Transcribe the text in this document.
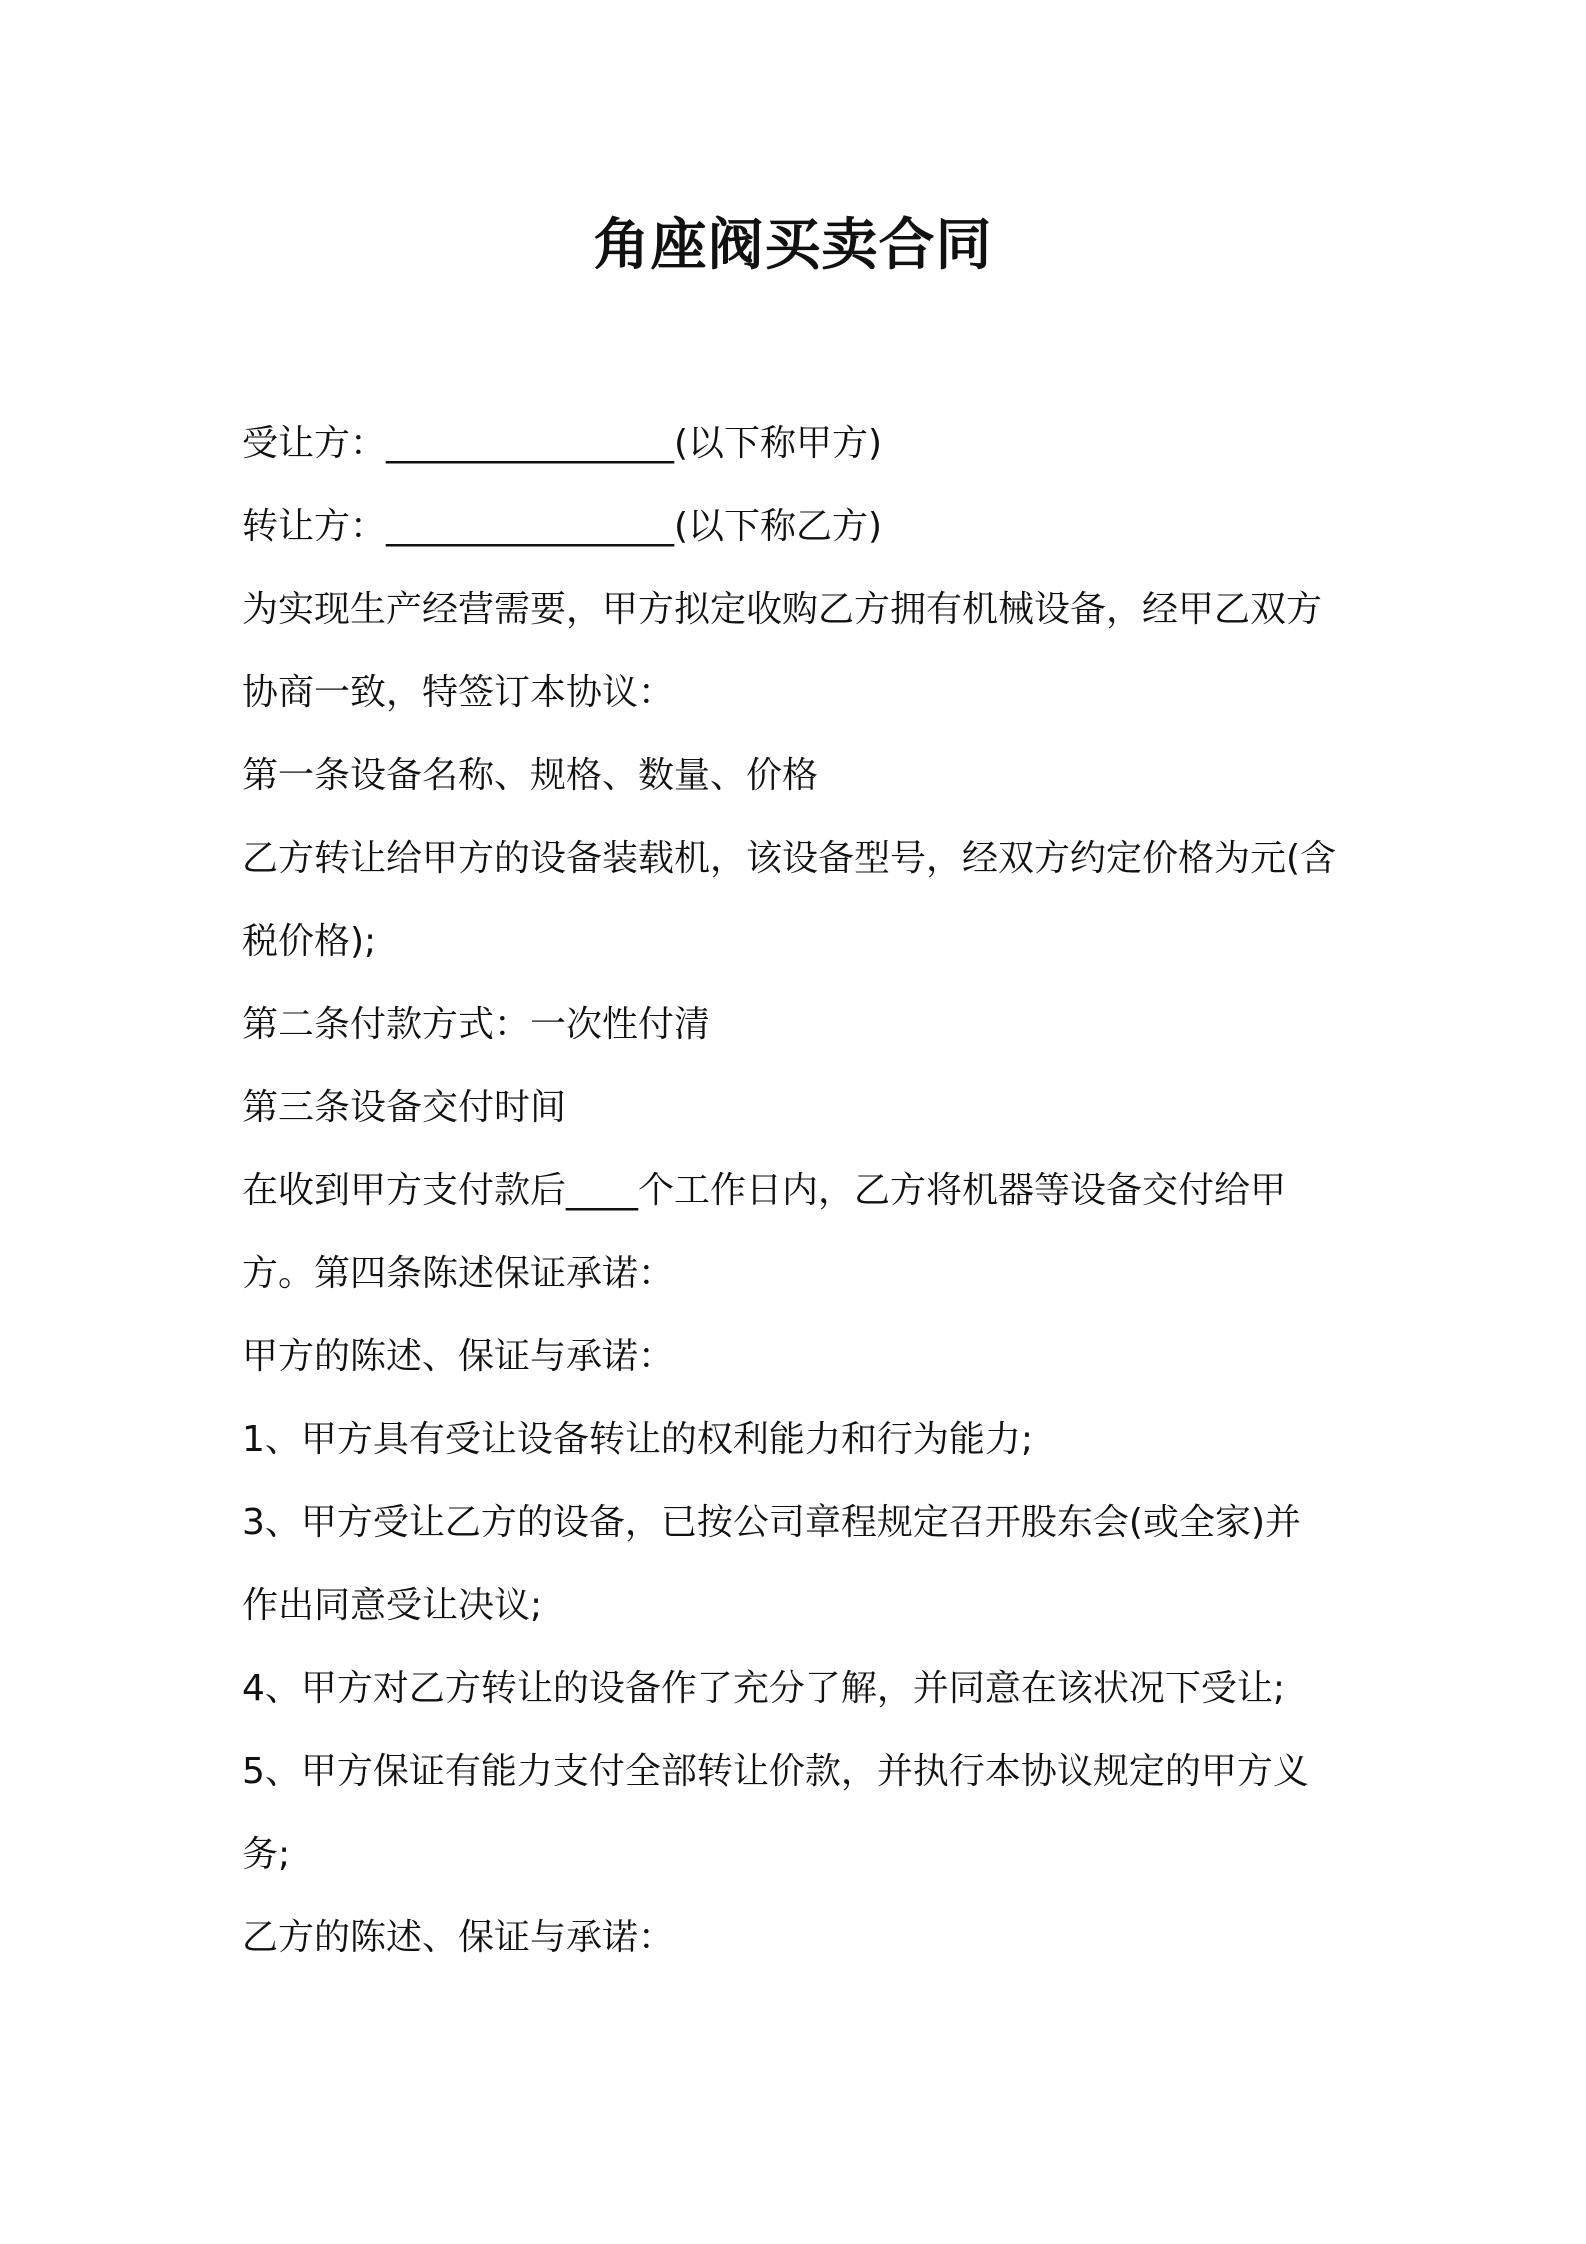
角座阀买卖合同

受让方：________________(以下称甲方)

转让方：________________(以下称乙方)

为实现生产经营需要，甲方拟定收购乙方拥有机械设备，经甲乙双方

协商一致，特签订本协议：

第一条设备名称、规格、数量、价格

乙方转让给甲方的设备装载机，该设备型号，经双方约定价格为元(含

税价格);

第二条付款方式：一次性付清

第三条设备交付时间

在收到甲方支付款后____个工作日内，乙方将机器等设备交付给甲

方。第四条陈述保证承诺：

甲方的陈述、保证与承诺：

1、甲方具有受让设备转让的权利能力和行为能力;

3、甲方受让乙方的设备，已按公司章程规定召开股东会(或全家)并

作出同意受让决议;

4、甲方对乙方转让的设备作了充分了解，并同意在该状况下受让;

5、甲方保证有能力支付全部转让价款，并执行本协议规定的甲方义

务;

乙方的陈述、保证与承诺：
